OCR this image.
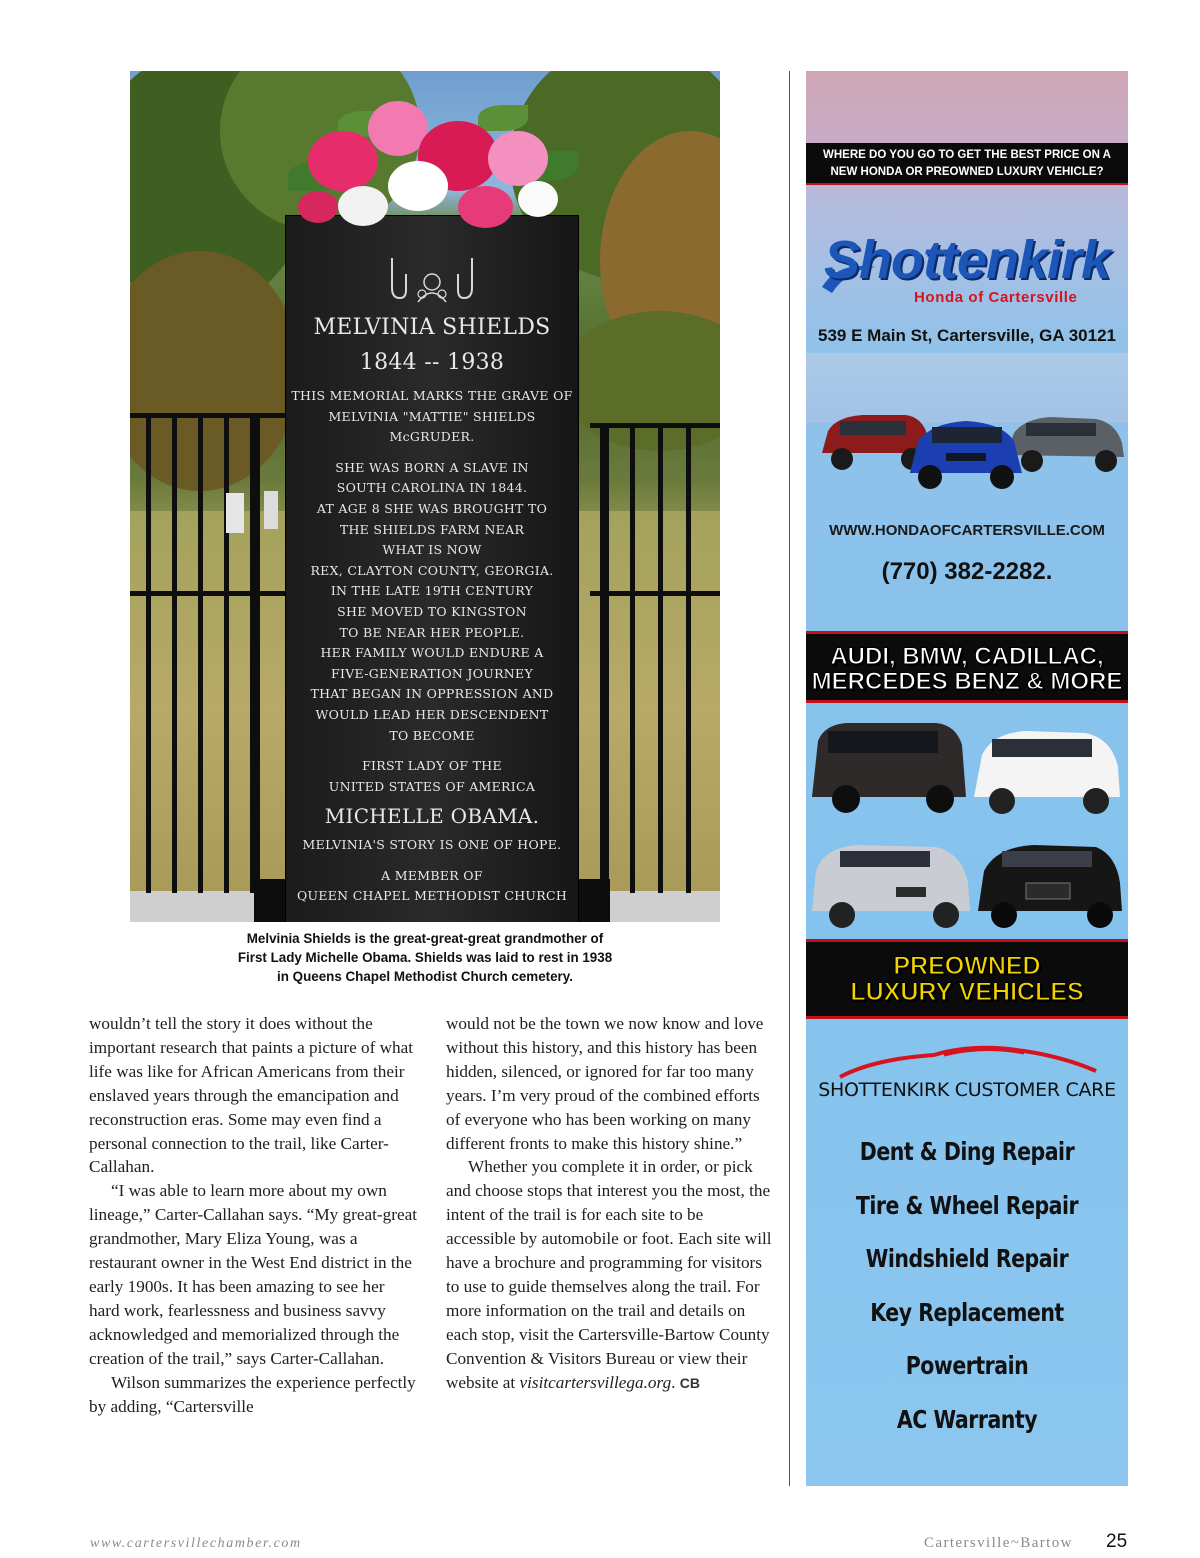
MELVINIA SHIELDS
1844 -- 1938
THIS MEMORIAL MARKS THE GRAVE OF
MELVINIA "MATTIE" SHIELDS McGRUDER.
SHE WAS BORN A SLAVE IN
SOUTH CAROLINA IN 1844.
AT AGE 8 SHE WAS BROUGHT TO
THE SHIELDS FARM NEAR
WHAT IS NOW
REX, CLAYTON COUNTY, GEORGIA.
IN THE LATE 19TH CENTURY
SHE MOVED TO KINGSTON
TO BE NEAR HER PEOPLE.
HER FAMILY WOULD ENDURE A
FIVE-GENERATION JOURNEY
THAT BEGAN IN OPPRESSION AND
WOULD LEAD HER DESCENDENT
TO BECOME
FIRST LADY OF THE
UNITED STATES OF AMERICA
MICHELLE OBAMA.
MELVINIA'S STORY IS ONE OF HOPE.
A MEMBER OF
QUEEN CHAPEL METHODIST CHURCH
Melvinia Shields is the great-great-great grandmother of
First Lady Michelle Obama. Shields was laid to rest in 1938
in Queens Chapel Methodist Church cemetery.

wouldn’t tell the story it does without the important research that paints a picture of what life was like for African Americans from their enslaved years through the emancipation and reconstruction eras. Some may even find a personal connection to the trail, like Carter-Callahan.

“I was able to learn more about my own lineage,” Carter-Callahan says. “My great-great grandmother, Mary Eliza Young, was a restaurant owner in the West End district in the early 1900s. It has been amazing to see her hard work, fearlessness and business savvy acknowledged and memorialized through the creation of the trail,” says Carter-Callahan.

Wilson summarizes the experience perfectly by adding, “Cartersville

would not be the town we now know and love without this history, and this history has been hidden, silenced, or ignored for far too many years. I’m very proud of the combined efforts of everyone who has been working on many different fronts to make this history shine.”

Whether you complete it in order, or pick and choose stops that interest you the most, the intent of the trail is for each site to be accessible by automobile or foot. Each site will have a brochure and programming for visitors to use to guide themselves along the trail. For more information on the trail and details on each stop, visit the Cartersville-Bartow County Convention & Visitors Bureau or view their website at visitcartersvillega.org. CB

WHERE DO YOU GO TO GET THE BEST PRICE ON A
NEW HONDA OR PREOWNED LUXURY VEHICLE?
Shottenkirk
Honda of Cartersville
539 E Main St, Cartersville, GA 30121
WWW.HONDAOFCARTERSVILLE.COM
(770) 382-2282.
AUDI, BMW, CADILLAC,
MERCEDES BENZ & MORE
PREOWNED
LUXURY VEHICLES
SHOTTENKIRK CUSTOMER CARE
Dent & Ding Repair
Tire & Wheel Repair
Windshield Repair
Key Replacement
Powertrain
AC Warranty
www.cartersvillechamber.com	Cartersville~Bartow 25
